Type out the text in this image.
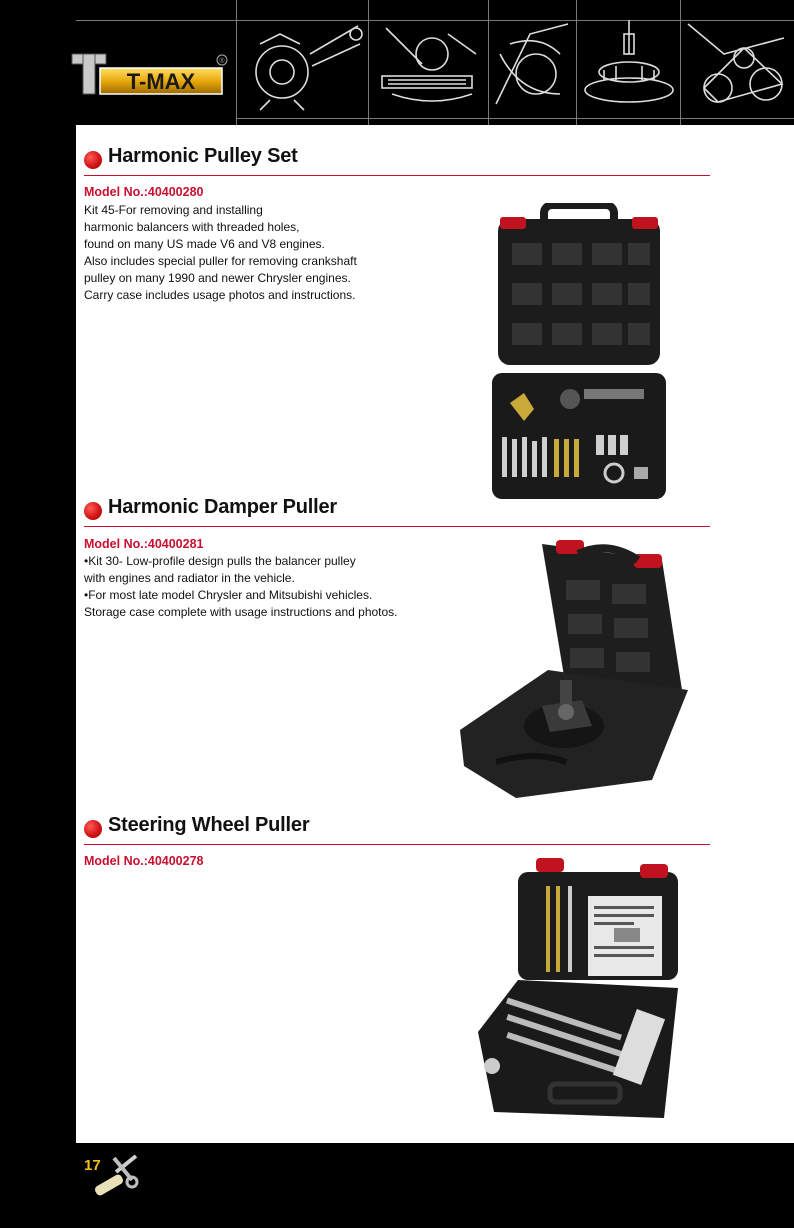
T-MAX
®
Harmonic Pulley Set
Model No.:40400280
Kit 45-For removing and installing
harmonic balancers with threaded holes,
found on many US made V6 and V8 engines.
Also includes special puller for removing crankshaft
pulley on many 1990 and newer Chrysler engines.
Carry case includes usage photos and instructions.
Harmonic Damper Puller
Model No.:40400281
•Kit 30- Low-profile design pulls the balancer pulley
with engines and radiator in the vehicle.
•For most late model Chrysler and Mitsubishi vehicles.
Storage case complete with usage instructions and photos.
Steering Wheel Puller
Model No.:40400278
17
